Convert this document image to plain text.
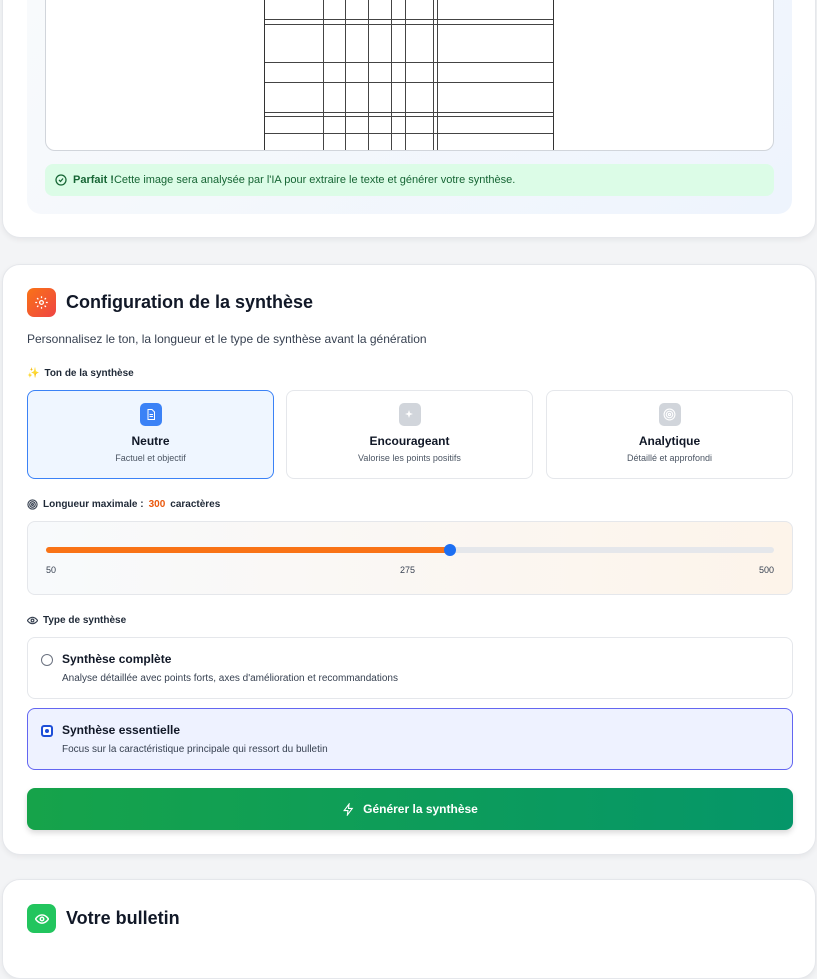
Parfait !Cette image sera analysée par l'IA pour extraire le texte et générer votre synthèse.
Configuration de la synthèse
Personnalisez le ton, la longueur et le type de synthèse avant la génération
✨ Ton de la synthèse
Neutre
Factuel et objectif
Encourageant
Valorise les points positifs
Analytique
Détaillé et approfondi
Longueur maximale : 300 caractères
50	275	500
Type de synthèse
Synthèse complète
Analyse détaillée avec points forts, axes d'amélioration et recommandations
Synthèse essentielle
Focus sur la caractéristique principale qui ressort du bulletin
Générer la synthèse
Votre bulletin
